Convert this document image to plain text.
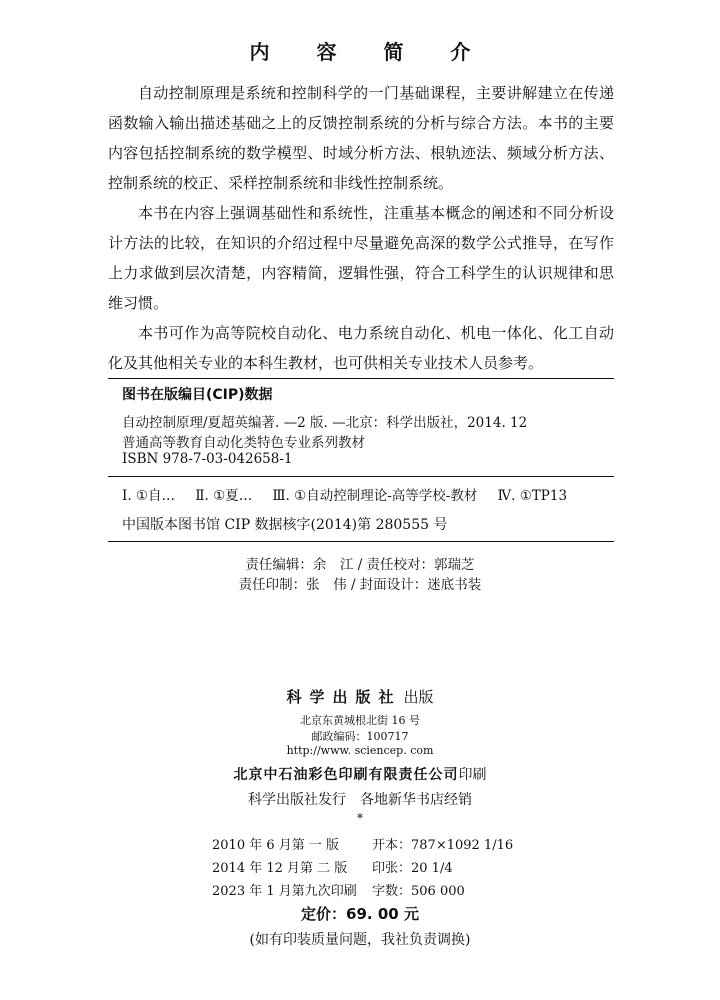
内 容 简 介

自动控制原理是系统和控制科学的一门基础课程，主要讲解建立在传递函数输入输出描述基础之上的反馈控制系统的分析与综合方法。本书的主要内容包括控制系统的数学模型、时域分析方法、根轨迹法、频域分析方法、控制系统的校正、采样控制系统和非线性控制系统。

本书在内容上强调基础性和系统性，注重基本概念的阐述和不同分析设计方法的比较，在知识的介绍过程中尽量避免高深的数学公式推导，在写作上力求做到层次清楚，内容精简，逻辑性强，符合工科学生的认识规律和思维习惯。

本书可作为高等院校自动化、电力系统自动化、机电一体化、化工自动化及其他相关专业的本科生教材，也可供相关专业技术人员参考。

图书在版编目(CIP)数据
自动控制原理/夏超英编著. —2 版. —北京：科学出版社，2014. 12
普通高等教育自动化类特色专业系列教材
ISBN 978-7-03-042658-1
Ⅰ. ①自… Ⅱ. ①夏… Ⅲ. ①自动控制理论-高等学校-教材 Ⅳ. ①TP13
中国版本图书馆 CIP 数据核字(2014)第 280555 号
责任编辑：余　江 / 责任校对：郭瑞芝
责任印制：张　伟 / 封面设计：迷底书装
科学出版社 出版
北京东黄城根北街 16 号
邮政编码：100717
http://www. sciencep. com
北京中石油彩色印刷有限责任公司印刷
科学出版社发行　各地新华书店经销
*
2010 年 6 月第 一 版	开本：787×1092 1/16
2014 年 12 月第 二 版 印张：20 1/4
2023 年 1 月第九次印刷 字数：506 000
定价：69. 00 元
(如有印装质量问题，我社负责调换)
